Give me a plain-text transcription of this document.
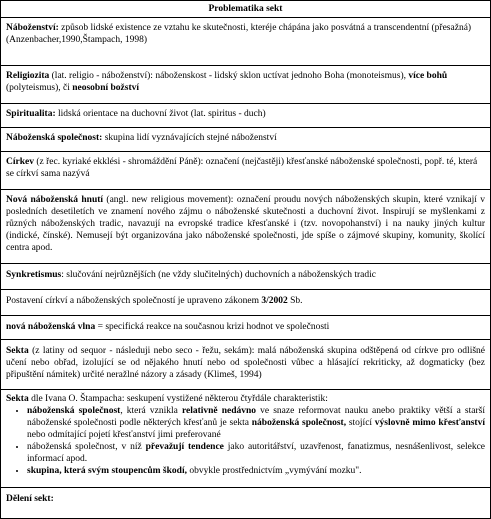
Problematika sekt

Náboženství: způsob lidské existence ze vztahu ke skutečnosti, kteréje chápána jako posvátná a transcendentní (přesažná)(Anzenbacher,1990,Štampach, 1998)

Religiozita (lat. religio - náboženství): náboženskost - lidský sklon uctívat jednoho Boha (monoteismus), více bohů (polyteismus), či neosobní božství

Spiritualita: lidská orientace na duchovní život (lat. spiritus - duch)

Náboženská společnost: skupina lidí vyznávajících stejné náboženství

Církev (z řec. kyriaké ekklési - shromáždění Páně): označení (nejčastěji) křesťanské náboženské společnosti, popř. té, která se církví sama nazývá

Nová náboženská hnutí (angl. new religious movement): označení proudu nových náboženských skupin, které vznikají v posledních desetiletích ve znamení nového zájmu o náboženské skutečnosti a duchovní život. Inspirují se myšlenkami z různých náboženských tradic, navazují na evropské tradice křesťanské i (tzv. novopohanství) i na nauky jiných kultur (indické, čínské). Nemusejí být organizována jako náboženské společnosti, jde spíše o zájmové skupiny, komunity, školící centra apod.

Synkretismus: slučování nejrůznějších (ne vždy slučitelných) duchovních a náboženských tradic

Postavení církví a náboženských společností je upraveno zákonem 3/2002 Sb.

nová náboženská vlna = specifická reakce na současnou krizi hodnot ve společnosti

Sekta (z latiny od sequor - následuji nebo seco - řežu, sekám): malá náboženská skupina odštěpená od církve pro odlišné učení nebo obřad, izolující se od nějakého hnutí nebo od společnosti vůbec a hlásající rekriticky, až dogmaticky (bez připuštění námitek) určité neražlné názory a zásady (Klimeš, 1994)

Sekta dle Ivana O. Štampacha: seskupení vystižené některou čtyřdále charakteristik:

• náboženská společnost, která vznikla relativně nedávno ve snaze reformovat nauku anebo praktiky větší a starší náboženské společnosti podle některých křesťanů je sekta náboženská společnost, stojící výslovně mimo křesťanství nebo odmítající pojetí křesťanství jimi preferované
• náboženská společnost, v níž převažují tendence jako autoritářství, uzavřenost, fanatizmus, nesnášenlivost, selekce informací apod.
• skupina, která svým stoupencům škodí, obvykle prostřednictvím „vymývání mozku".

Dělení sekt:
